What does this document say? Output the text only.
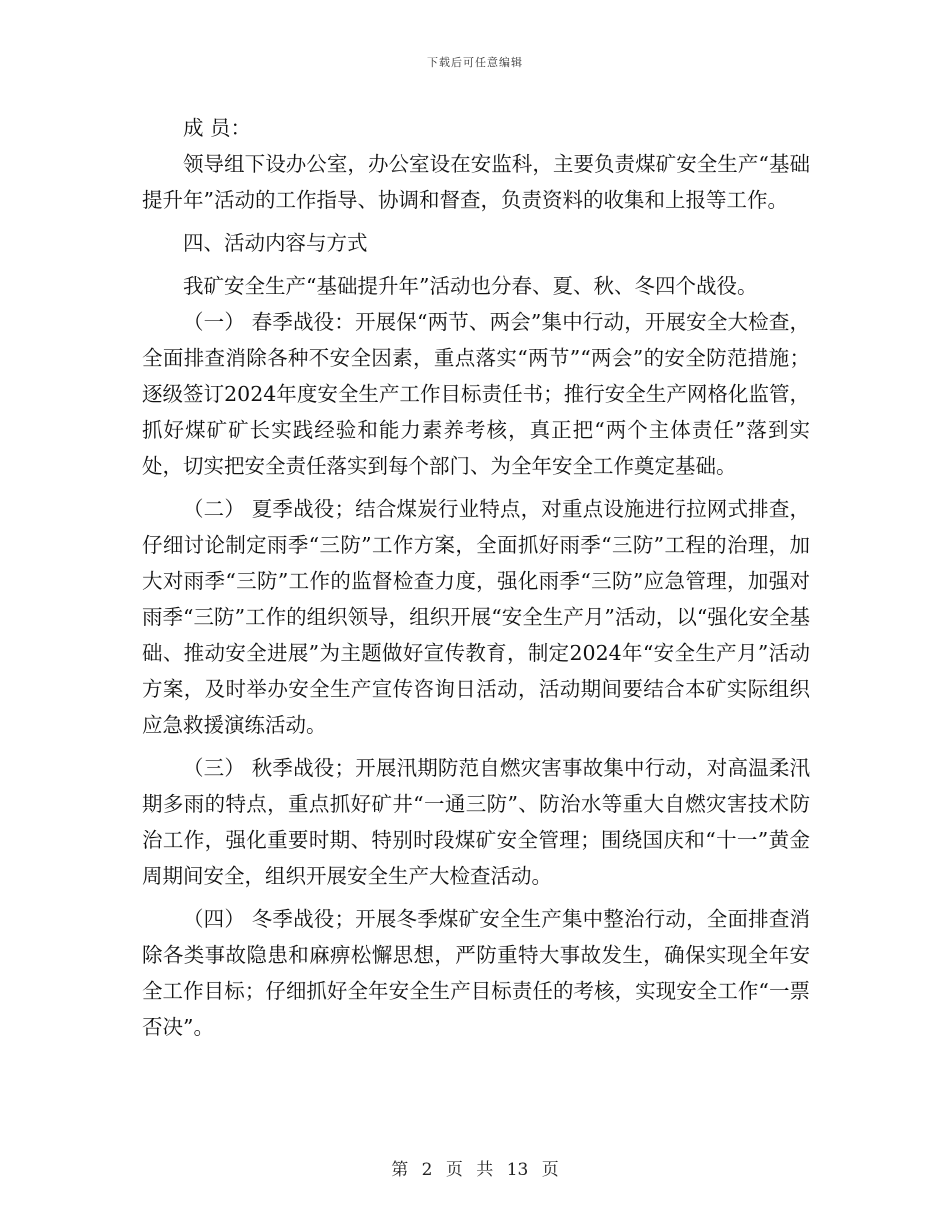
下载后可任意编辑

成 员：

领导组下设办公室，办公室设在安监科，主要负责煤矿安全生产“基础提升年”活动的工作指导、协调和督查，负责资料的收集和上报等工作。

四、活动内容与方式

我矿安全生产“基础提升年”活动也分春、夏、秋、冬四个战役。

（一） 春季战役：开展保“两节、两会”集中行动，开展安全大检查，全面排查消除各种不安全因素，重点落实“两节”“两会”的安全防范措施；逐级签订2024年度安全生产工作目标责任书；推行安全生产网格化监管，抓好煤矿矿长实践经验和能力素养考核，真正把“两个主体责任”落到实处，切实把安全责任落实到每个部门、为全年安全工作奠定基础。

（二） 夏季战役；结合煤炭行业特点，对重点设施进行拉网式排查，仔细讨论制定雨季“三防”工作方案，全面抓好雨季“三防”工程的治理，加大对雨季“三防”工作的监督检查力度，强化雨季“三防”应急管理，加强对雨季“三防”工作的组织领导，组织开展“安全生产月”活动，以“强化安全基础、推动安全进展”为主题做好宣传教育，制定2024年“安全生产月”活动方案，及时举办安全生产宣传咨询日活动，活动期间要结合本矿实际组织应急救援演练活动。

（三） 秋季战役；开展汛期防范自燃灾害事故集中行动，对高温柔汛期多雨的特点，重点抓好矿井“一通三防”、防治水等重大自燃灾害技术防治工作，强化重要时期、特别时段煤矿安全管理；围绕国庆和“十一”黄金周期间安全，组织开展安全生产大检查活动。

（四） 冬季战役；开展冬季煤矿安全生产集中整治行动，全面排查消除各类事故隐患和麻痹松懈思想，严防重特大事故发生，确保实现全年安全工作目标；仔细抓好全年安全生产目标责任的考核，实现安全工作“一票否决”。

第 2 页 共 13 页
